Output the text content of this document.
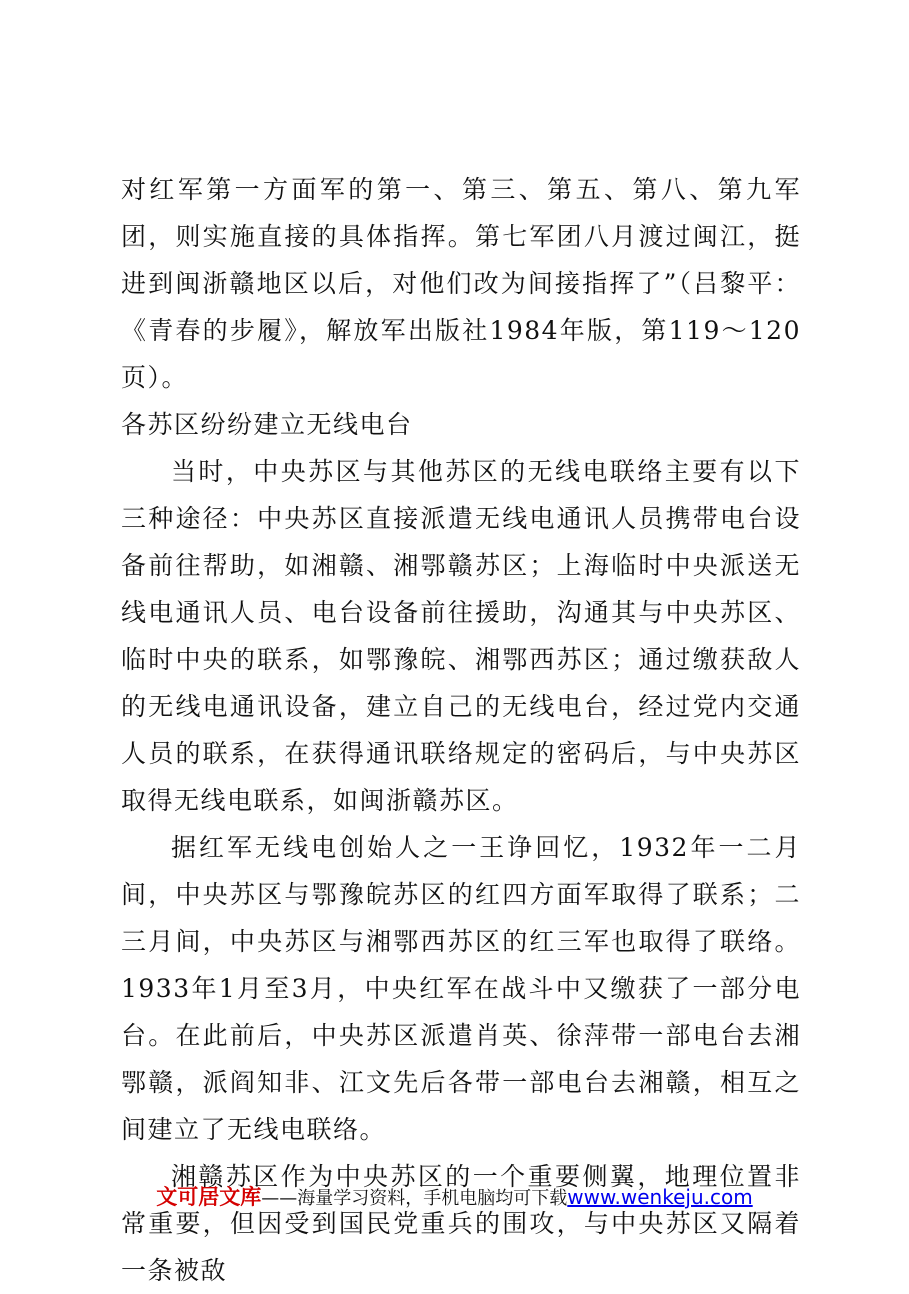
对红军第一方面军的第一、第三、第五、第八、第九军团，则实施直接的具体指挥。第七军团八月渡过闽江，挺进到闽浙赣地区以后，对他们改为间接指挥了”（吕黎平：《青春的步履》，解放军出版社1984年版，第119～120页）。

各苏区纷纷建立无线电台

当时，中央苏区与其他苏区的无线电联络主要有以下三种途径：中央苏区直接派遣无线电通讯人员携带电台设备前往帮助，如湘赣、湘鄂赣苏区；上海临时中央派送无线电通讯人员、电台设备前往援助，沟通其与中央苏区、临时中央的联系，如鄂豫皖、湘鄂西苏区；通过缴获敌人的无线电通讯设备，建立自己的无线电台，经过党内交通人员的联系，在获得通讯联络规定的密码后，与中央苏区取得无线电联系，如闽浙赣苏区。

据红军无线电创始人之一王诤回忆，1932年一二月间，中央苏区与鄂豫皖苏区的红四方面军取得了联系；二三月间，中央苏区与湘鄂西苏区的红三军也取得了联络。1933年1月至3月，中央红军在战斗中又缴获了一部分电台。在此前后，中央苏区派遣肖英、徐萍带一部电台去湘鄂赣，派阎知非、江文先后各带一部电台去湘赣，相互之间建立了无线电联络。

湘赣苏区作为中央苏区的一个重要侧翼，地理位置非常重要，但因受到国民党重兵的围攻，与中央苏区又隔着一条被敌

文可居文库——海量学习资料，手机电脑均可下载www.wenkeju.com
